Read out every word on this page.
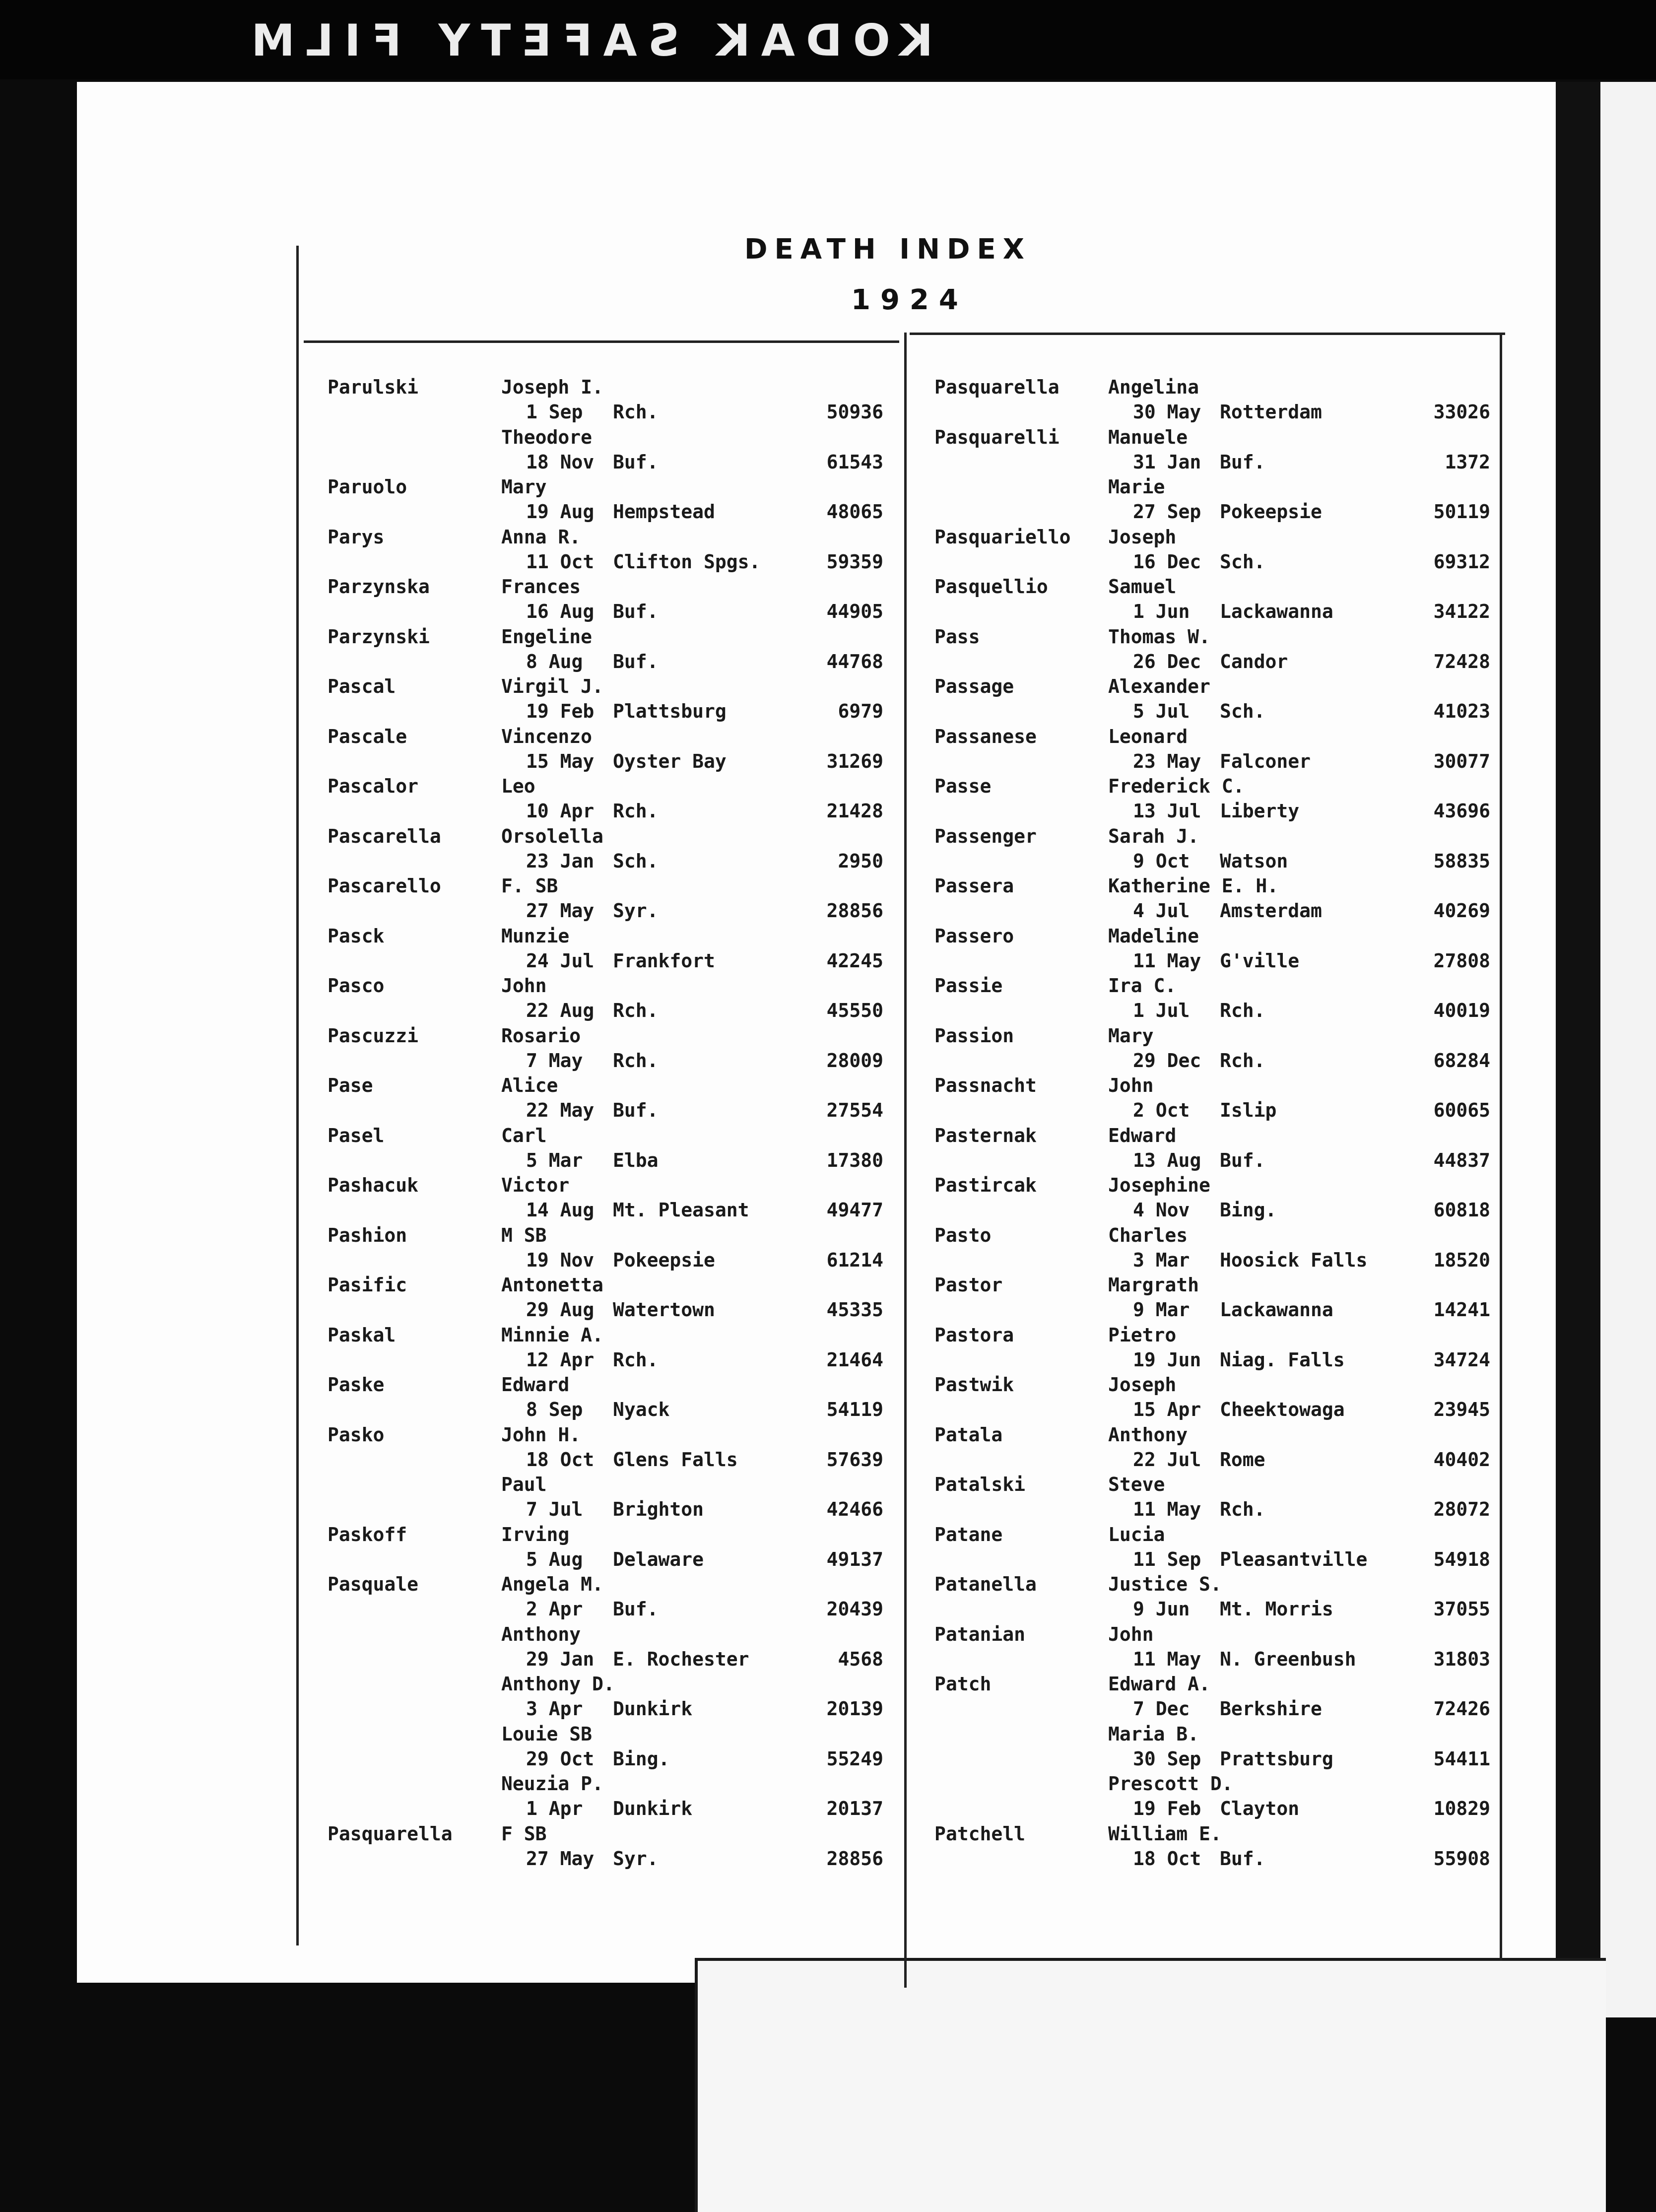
KODAK SAFETY FILM
DEATH INDEX
1924
Parulski	Joseph I.
1 Sep Rch.	50936
Theodore
18 Nov Buf.	61543
Paruolo	Mary
19 Aug Hempstead	48065
Parys	Anna R.
11 Oct Clifton Spgs.	59359
Parzynska	Frances
16 Aug Buf.	44905
Parzynski	Engeline
8 Aug Buf.	44768
Pascal	Virgil J.
19 Feb Plattsburg	6979
Pascale	Vincenzo
15 May Oyster Bay	31269
Pascalor	Leo
10 Apr Rch.	21428
Pascarella	Orsolella
23 Jan Sch.	2950
Pascarello	F. SB
27 May Syr.	28856
Pasck	Munzie
24 Jul Frankfort	42245
Pasco	John
22 Aug Rch.	45550
Pascuzzi	Rosario
7 May Rch.	28009
Pase	Alice
22 May Buf.	27554
Pasel	Carl
5 Mar Elba	17380
Pashacuk	Victor
14 Aug Mt. Pleasant	49477
Pashion	M SB
19 Nov Pokeepsie	61214
Pasific	Antonetta
29 Aug Watertown	45335
Paskal	Minnie A.
12 Apr Rch.	21464
Paske	Edward
8 Sep Nyack	54119
Pasko	John H.
18 Oct Glens Falls	57639
Paul
7 Jul Brighton	42466
Paskoff	Irving
5 Aug Delaware	49137
Pasquale	Angela M.
2 Apr Buf.	20439
Anthony
29 Jan E. Rochester	4568
Anthony D.
3 Apr Dunkirk	20139
Louie SB
29 Oct Bing.	55249
Neuzia P.
1 Apr Dunkirk	20137
Pasquarella	F SB
27 May Syr.	28856
Pasquarella	Angelina
30 May Rotterdam	33026
Pasquarelli	Manuele
31 Jan Buf.	1372
Marie
27 Sep Pokeepsie	50119
Pasquariello Joseph
16 Dec Sch.	69312
Pasquellio	Samuel
1 Jun Lackawanna	34122
Pass	Thomas W.
26 Dec Candor	72428
Passage	Alexander
5 Jul Sch.	41023
Passanese	Leonard
23 May Falconer	30077
Passe	Frederick C.
13 Jul Liberty	43696
Passenger	Sarah J.
9 Oct Watson	58835
Passera	Katherine E. H.
4 Jul Amsterdam	40269
Passero	Madeline
11 May G'ville	27808
Passie	Ira C.
1 Jul Rch.	40019
Passion	Mary
29 Dec Rch.	68284
Passnacht	John
2 Oct Islip	60065
Pasternak	Edward
13 Aug Buf.	44837
Pastircak	Josephine
4 Nov Bing.	60818
Pasto	Charles
3 Mar Hoosick Falls	18520
Pastor	Margrath
9 Mar Lackawanna	14241
Pastora	Pietro
19 Jun Niag. Falls	34724
Pastwik	Joseph
15 Apr Cheektowaga	23945
Patala	Anthony
22 Jul Rome	40402
Patalski	Steve
11 May Rch.	28072
Patane	Lucia
11 Sep Pleasantville	54918
Patanella	Justice S.
9 Jun Mt. Morris	37055
Patanian	John
11 May N. Greenbush	31803
Patch	Edward A.
7 Dec Berkshire	72426
Maria B.
30 Sep Prattsburg	54411
Prescott D.
19 Feb Clayton	10829
Patchell	William E.
18 Oct Buf.	55908
